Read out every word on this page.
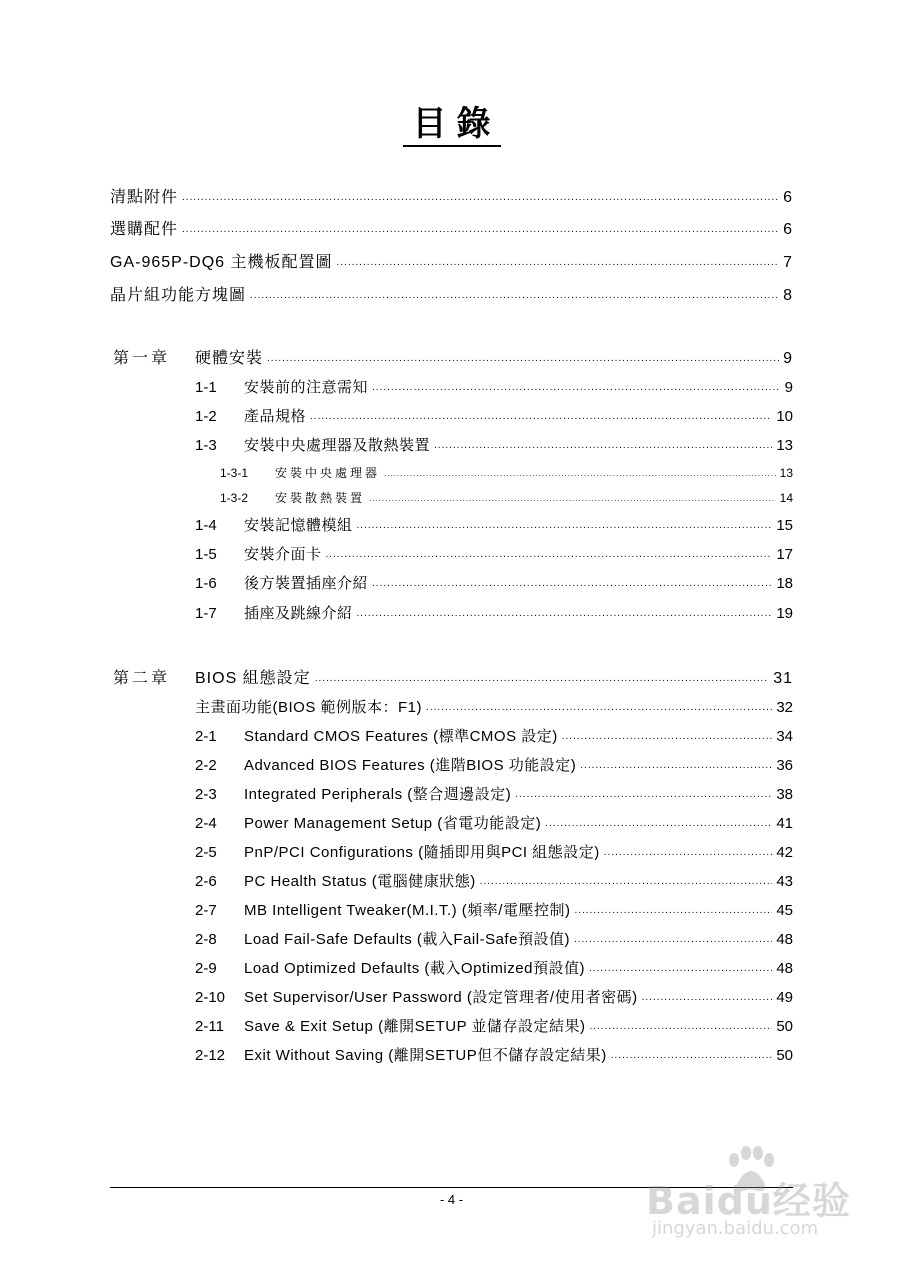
目錄
清點附件 .....	6
選購配件 .....	6
GA-965P-DQ6 主機板配置圖 .....	7
晶片組功能方塊圖 .....	8
第一章	硬體安裝 .....	9
1-1	安裝前的注意需知 .....	9
1-2	產品規格 .....	10
1-3	安裝中央處理器及散熱裝置 .....	13
1-3-1	安裝中央處理器 .....	13
1-3-2	安裝散熱裝置 .....	14
1-4	安裝記憶體模組 .....	15
1-5	安裝介面卡 .....	17
1-6	後方裝置插座介紹 .....	18
1-7	插座及跳線介紹 .....	19
第二章	BIOS 組態設定 .....	31
主畫面功能(BIOS 範例版本：F1) .....	32
2-1	Standard CMOS Features (標準CMOS 設定) .....	34
2-2	Advanced BIOS Features (進階BIOS 功能設定) .....	36
2-3	Integrated Peripherals (整合週邊設定) .....	38
2-4	Power Management Setup (省電功能設定) .....	41
2-5	PnP/PCI Configurations (隨插即用與PCI 組態設定) .....	42
2-6	PC Health Status (電腦健康狀態) .....	43
2-7	MB Intelligent Tweaker(M.I.T.) (頻率/電壓控制) .....	45
2-8	Load Fail-Safe Defaults (載入Fail-Safe預設值) .....	48
2-9	Load Optimized Defaults (載入Optimized預設值) .....	48
2-10	Set Supervisor/User Password (設定管理者/使用者密碼) .....	49
2-11	Save & Exit Setup (離開SETUP 並儲存設定結果) .....	50
2-12	Exit Without Saving (離開SETUP但不儲存設定結果) .....	50
- 4 -	Baidu经验
jingyan.baidu.com
